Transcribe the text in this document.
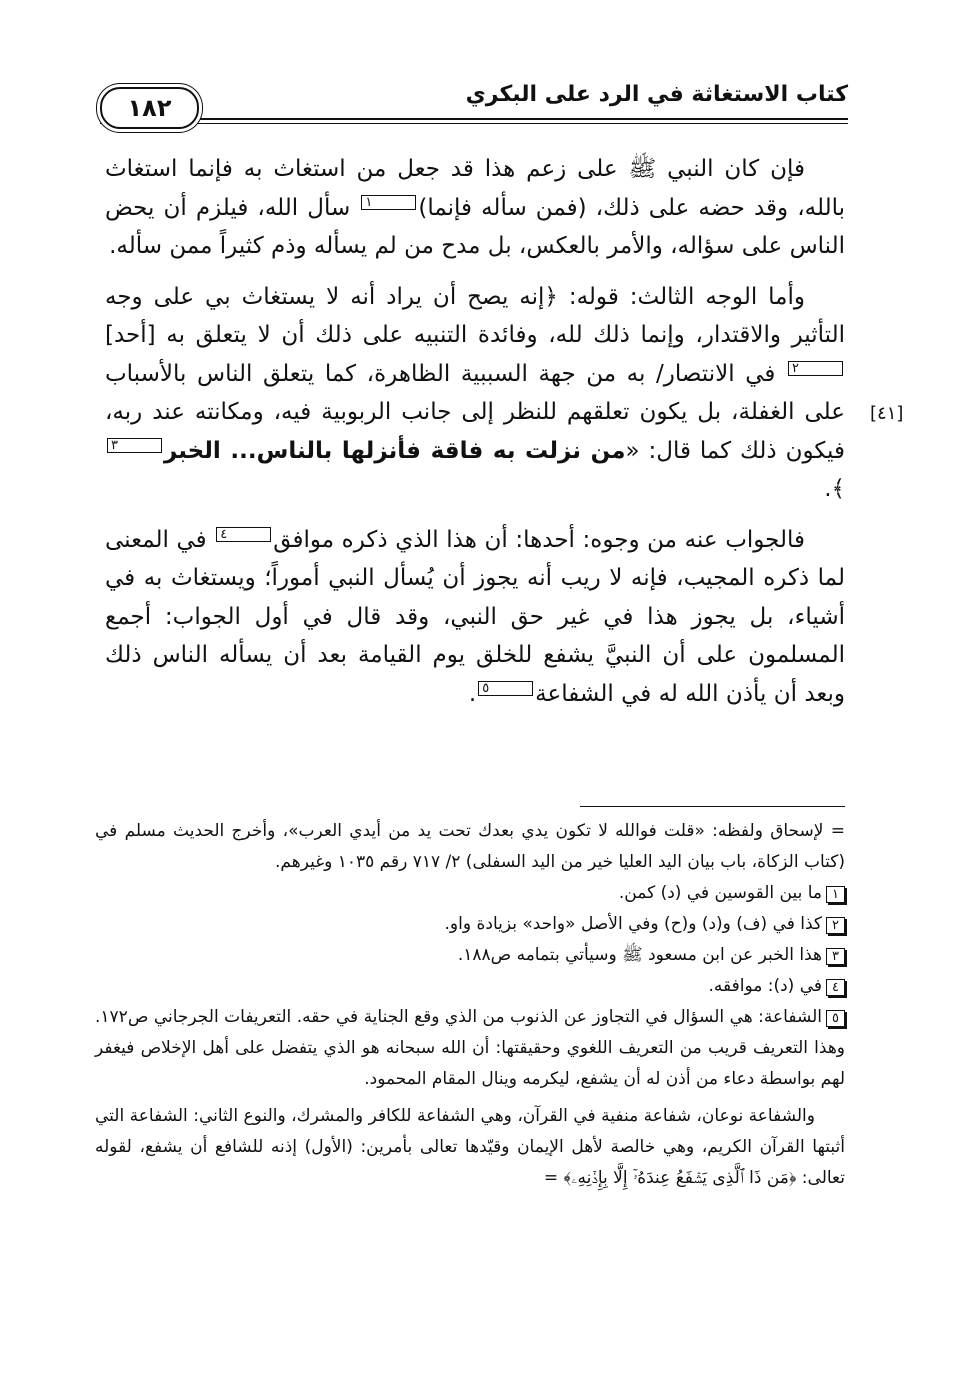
كتاب الاستغاثة في الرد على البكري
١٨٢
[٤١]

فإن كان النبي ﷺ على زعم هذا قد جعل من استغاث به فإنما استغاث بالله، وقد حضه على ذلك، (فمن سأله فإنما)١ سأل الله، فيلزم أن يحض الناس على سؤاله، والأمر بالعكس، بل مدح من لم يسأله وذم كثيراً ممن سأله.

وأما الوجه الثالث: قوله: ﴿إنه يصح أن يراد أنه لا يستغاث بي على وجه التأثير والاقتدار، وإنما ذلك لله، وفائدة التنبيه على ذلك أن لا يتعلق به [أحد]٢ في الانتصار/ به من جهة السببية الظاهرة، كما يتعلق الناس بالأسباب على الغفلة، بل يكون تعلقهم للنظر إلى جانب الربوبية فيه، ومكانته عند ربه، فيكون ذلك كما قال: «من نزلت به فاقة فأنزلها بالناس... الخبر٣﴾.

فالجواب عنه من وجوه: أحدها: أن هذا الذي ذكره موافق٤ في المعنى لما ذكره المجيب، فإنه لا ريب أنه يجوز أن يُسأل النبي أموراً؛ ويستغاث به في أشياء، بل يجوز هذا في غير حق النبي، وقد قال في أول الجواب: أجمع المسلمون على أن النبيَّ يشفع للخلق يوم القيامة بعد أن يسأله الناس ذلك وبعد أن يأذن الله له في الشفاعة٥.

= لإسحاق ولفظه: «قلت فوالله لا تكون يدي بعدك تحت يد من أيدي العرب»، وأخرج الحديث مسلم في (كتاب الزكاة، باب بيان اليد العليا خير من اليد السفلى) ٢/ ٧١٧ رقم ١٠٣٥ وغيرهم.

١ما بين القوسين في (د) كمن.

٢كذا في (ف) و(د) و(ح) وفي الأصل «واحد» بزيادة واو.

٣هذا الخبر عن ابن مسعود ﷺ وسيأتي بتمامه ص١٨٨.

٤في (د): موافقه.

٥الشفاعة: هي السؤال في التجاوز عن الذنوب من الذي وقع الجناية في حقه. التعريفات الجرجاني ص١٧٢. وهذا التعريف قريب من التعريف اللغوي وحقيقتها: أن الله سبحانه هو الذي يتفضل على أهل الإخلاص فيغفر لهم بواسطة دعاء من أذن له أن يشفع، ليكرمه وينال المقام المحمود.

والشفاعة نوعان، شفاعة منفية في القرآن، وهي الشفاعة للكافر والمشرك، والنوع الثاني: الشفاعة التي أثبتها القرآن الكريم، وهي خالصة لأهل الإيمان وقيّدها تعالى بأمرين: (الأول) إذنه للشافع أن يشفع، لقوله تعالى: ﴿مَن ذَا ٱلَّذِى يَشۡفَعُ عِندَهُۥٓ إِلَّا بِإِذۡنِهِۦ﴾ =
